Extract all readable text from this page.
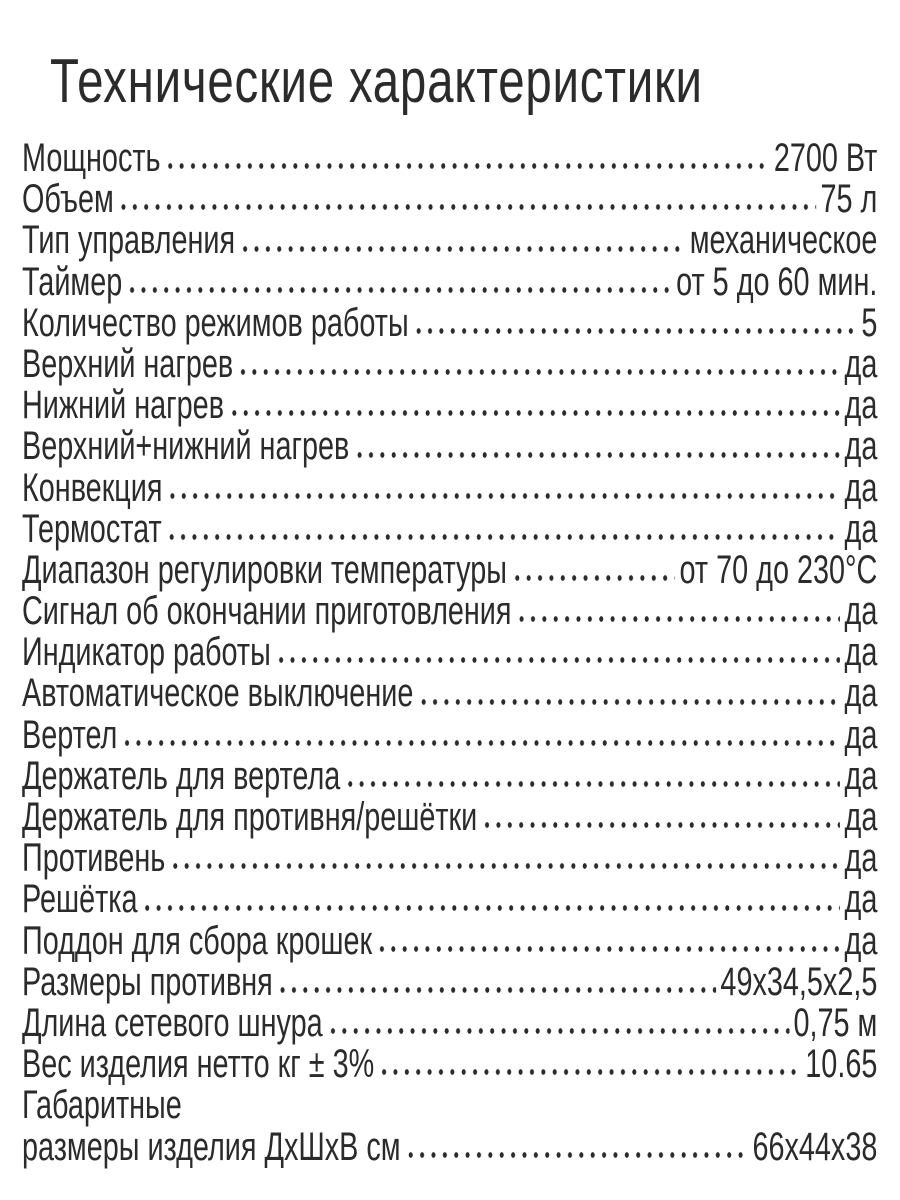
Технические характеристики
Мощность	2700 Вт
Объем	75 л
Тип управления	механическое
Таймер	от 5 до 60 мин.
Количество режимов работы	5
Верхний нагрев	да
Нижний нагрев	да
Верхний+нижний нагрев	да
Конвекция	да
Термостат	да
Диапазон регулировки температуры	от 70 до 230°С
Сигнал об окончании приготовления	да
Индикатор работы	да
Автоматическое выключение	да
Вертел	да
Держатель для вертела	да
Держатель для противня/решётки	да
Противень	да
Решётка	да
Поддон для сбора крошек	да
Размеры противня	49х34,5х2,5
Длина сетевого шнура	0,75 м
Вес изделия нетто кг ± 3%	10.65
Габаритные
размеры изделия ДхШхВ см	66х44х38
